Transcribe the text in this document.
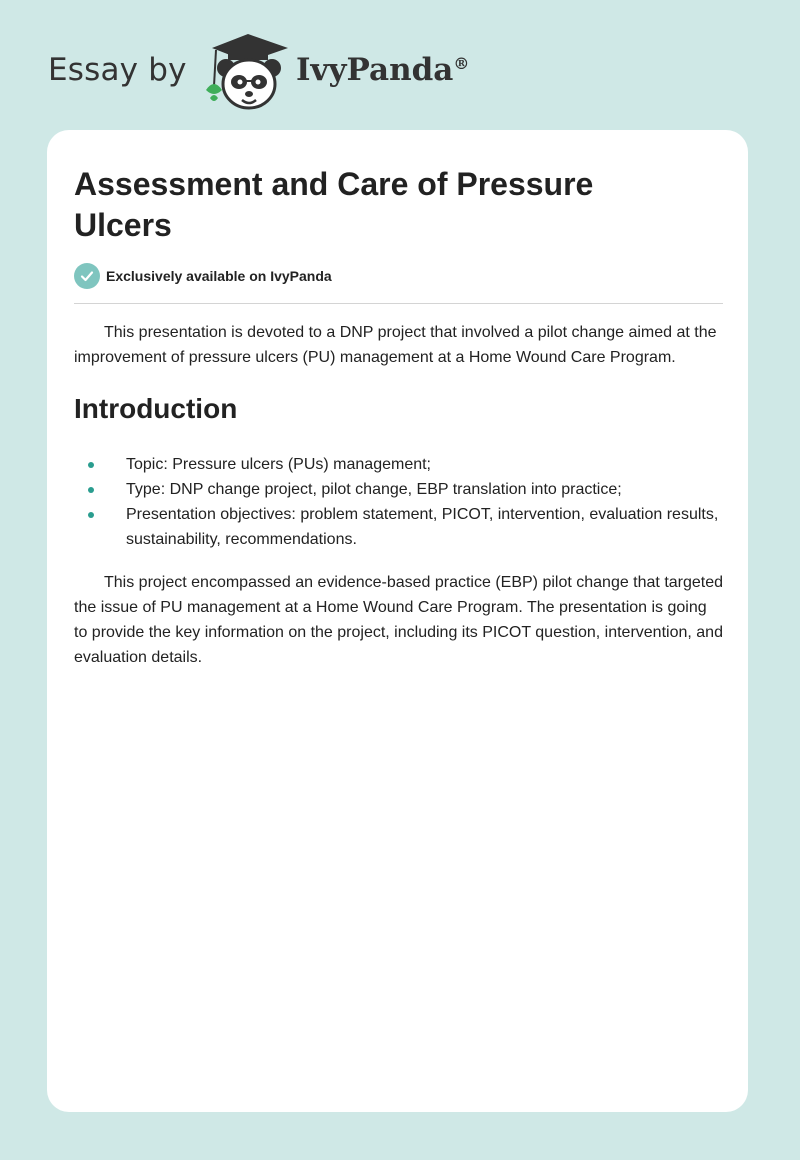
Essay by	IvyPanda®
Assessment and Care of Pressure Ulcers
Exclusively available on IvyPanda

This presentation is devoted to a DNP project that involved a pilot change aimed at the improvement of pressure ulcers (PU) management at a Home Wound Care Program.

Introduction
Topic: Pressure ulcers (PUs) management;
Type: DNP change project, pilot change, EBP translation into practice;
Presentation objectives: problem statement, PICOT, intervention, evaluation results, sustainability, recommendations.

This project encompassed an evidence-based practice (EBP) pilot change that targeted the issue of PU management at a Home Wound Care Program. The presentation is going to provide the key information on the project, including its PICOT question, intervention, and evaluation details.
